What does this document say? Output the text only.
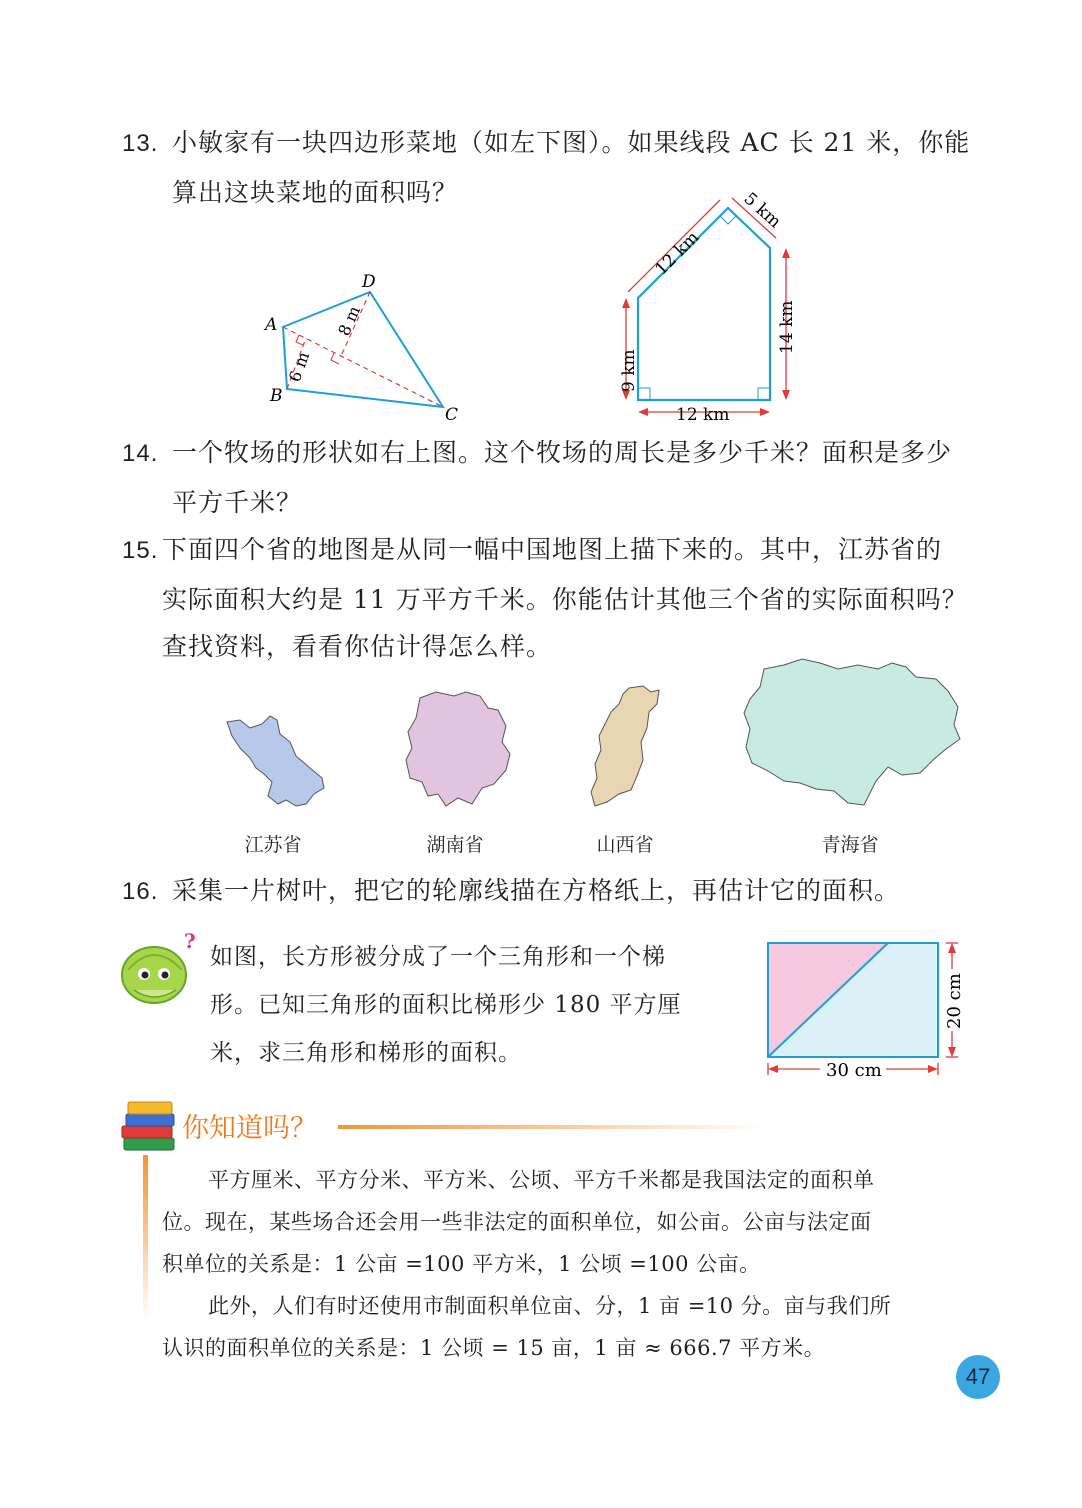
13. 小敏家有一块四边形菜地（如左下图）。如果线段 AC 长 21 米，你能
算出这块菜地的面积吗？
D
A
B
C
8 m
6 m	9 km
14 km
12 km
12 km
5 km
14. 一个牧场的形状如右上图。这个牧场的周长是多少千米？面积是多少
平方千米？
15. 下面四个省的地图是从同一幅中国地图上描下来的。其中，江苏省的
实际面积大约是 11 万平方千米。你能估计其他三个省的实际面积吗？
查找资料，看看你估计得怎么样。
江苏省	湖南省	山西省	青海省
16. 采集一片树叶，把它的轮廓线描在方格纸上，再估计它的面积。
?
如图，长方形被分成了一个三角形和一个梯
形。已知三角形的面积比梯形少 180 平方厘
米，求三角形和梯形的面积。
30 cm
20 cm
你知道吗？
平方厘米、平方分米、平方米、公顷、平方千米都是我国法定的面积单
位。现在，某些场合还会用一些非法定的面积单位，如公亩。公亩与法定面
积单位的关系是：1 公亩 =100 平方米，1 公顷 =100 公亩。
此外，人们有时还使用市制面积单位亩、分，1 亩 =10 分。亩与我们所
认识的面积单位的关系是：1 公顷 = 15 亩，1 亩 ≈ 666.7 平方米。
47
